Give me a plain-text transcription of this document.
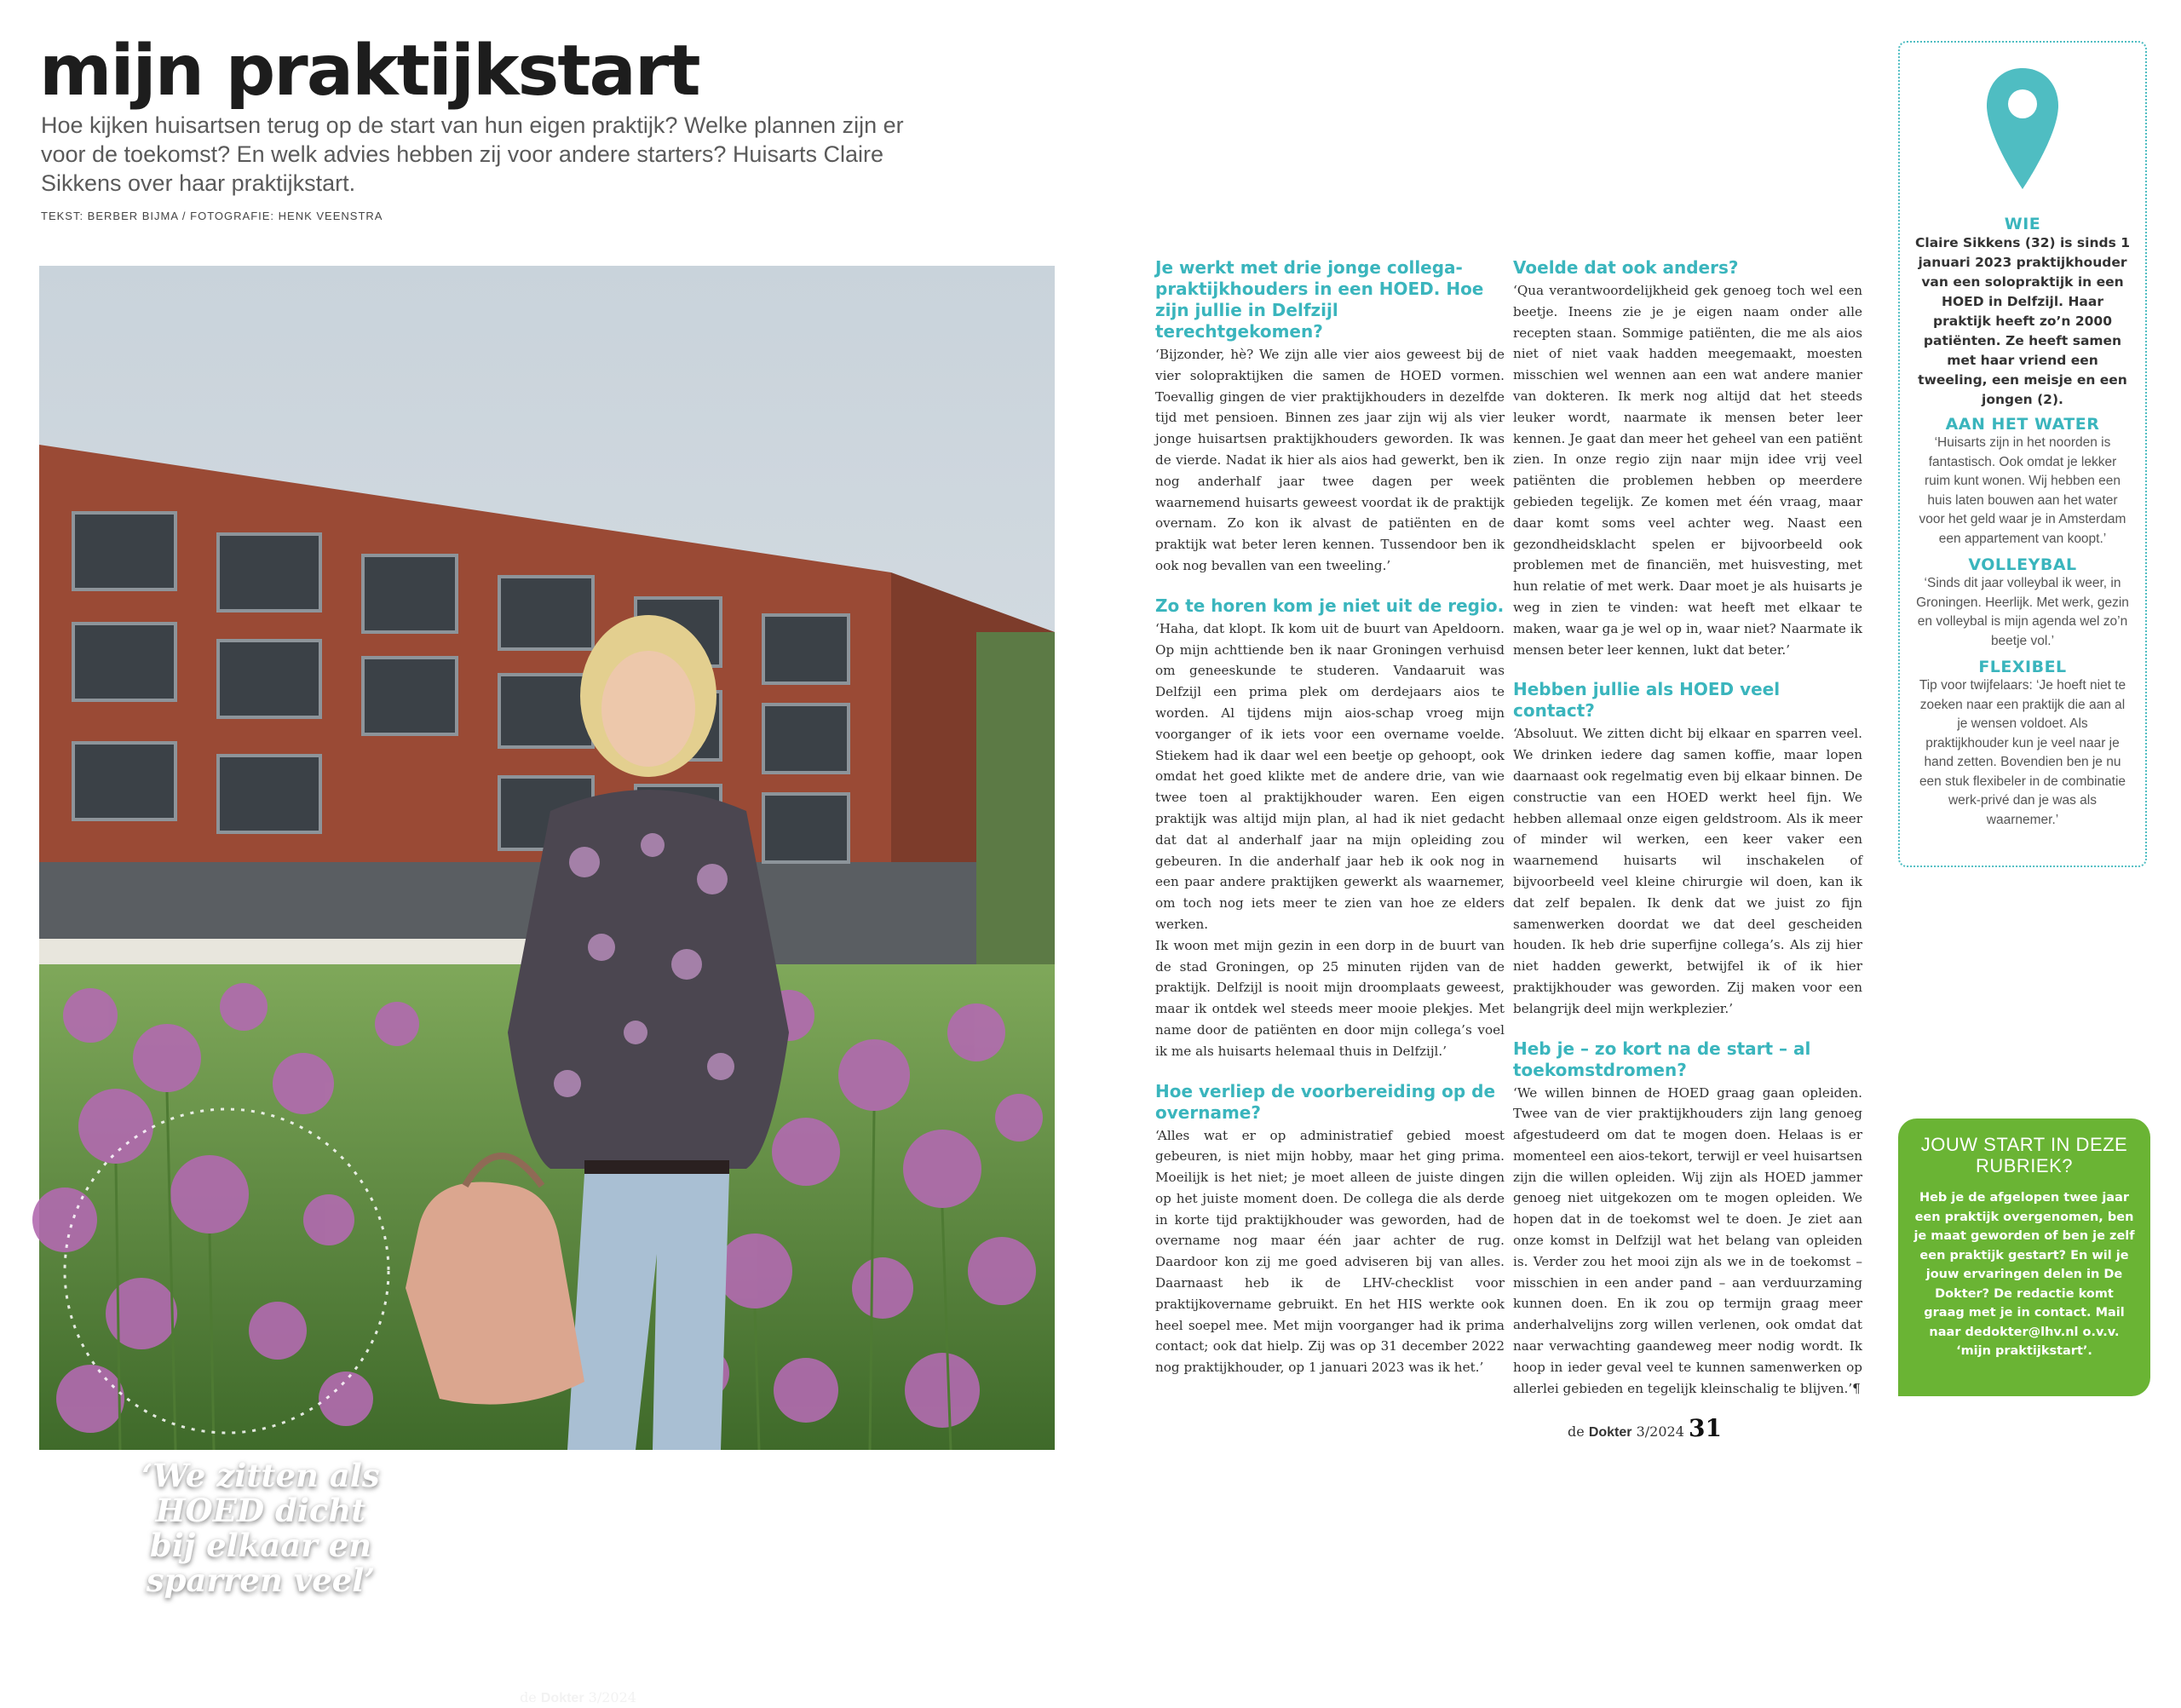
mijn praktijkstart

Hoe kijken huisartsen terug op de start van hun eigen praktijk? Welke plannen zijn er voor de toekomst? En welk advies hebben zij voor andere starters? Huisarts Claire Sikkens over haar praktijkstart.

TEKST: BERBER BIJMA / FOTOGRAFIE: HENK VEENSTRA

‘We zitten als HOED dicht bij elkaar en sparren veel’

30 de Dokter 3/2024

Je werkt met drie jonge collega-praktijkhouders in een HOED. Hoe zijn jullie in Delfzijl terechtgekomen?

‘Bijzonder, hè? We zijn alle vier aios geweest bij de vier solopraktijken die samen de HOED vormen. Toevallig gingen de vier praktijkhouders in dezelfde tijd met pensioen. Binnen zes jaar zijn wij als vier jonge huisartsen praktijkhouders geworden. Ik was de vierde. Nadat ik hier als aios had gewerkt, ben ik nog anderhalf jaar twee dagen per week waarnemend huisarts geweest voordat ik de praktijk overnam. Zo kon ik alvast de patiënten en de praktijk wat beter leren kennen. Tussendoor ben ik ook nog bevallen van een tweeling.’

Zo te horen kom je niet uit de regio.

‘Haha, dat klopt. Ik kom uit de buurt van Apeldoorn. Op mijn achttiende ben ik naar Groningen verhuisd om geneeskunde te studeren. Vandaaruit was Delfzijl een prima plek om derdejaars aios te worden. Al tijdens mijn aios-schap vroeg mijn voorganger of ik iets voor een overname voelde. Stiekem had ik daar wel een beetje op gehoopt, ook omdat het goed klikte met de andere drie, van wie twee toen al praktijkhouder waren. Een eigen praktijk was altijd mijn plan, al had ik niet gedacht dat dat al anderhalf jaar na mijn opleiding zou gebeuren. In die anderhalf jaar heb ik ook nog in een paar andere praktijken gewerkt als waarnemer, om toch nog iets meer te zien van hoe ze elders werken.

Ik woon met mijn gezin in een dorp in de buurt van de stad Groningen, op 25 minuten rijden van de praktijk. Delfzijl is nooit mijn droomplaats geweest, maar ik ontdek wel steeds meer mooie plekjes. Met name door de patiënten en door mijn collega’s voel ik me als huisarts helemaal thuis in Delfzijl.’

Hoe verliep de voorbereiding op de overname?

‘Alles wat er op administratief gebied moest gebeuren, is niet mijn hobby, maar het ging prima. Moeilijk is het niet; je moet alleen de juiste dingen op het juiste moment doen. De collega die als derde in korte tijd praktijkhouder was geworden, had de overname nog maar één jaar achter de rug. Daardoor kon zij me goed adviseren bij van alles. Daarnaast heb ik de LHV-checklist voor praktijkovername gebruikt. En het HIS werkte ook heel soepel mee. Met mijn voorganger had ik prima contact; ook dat hielp. Zij was op 31 december 2022 nog praktijkhouder, op 1 januari 2023 was ik het.’

Voelde dat ook anders?

‘Qua verantwoordelijkheid gek genoeg toch wel een beetje. Ineens zie je je eigen naam onder alle recepten staan. Sommige patiënten, die me als aios niet of niet vaak hadden meegemaakt, moesten misschien wel wennen aan een wat andere manier van dokteren. Ik merk nog altijd dat het steeds leuker wordt, naarmate ik mensen beter leer kennen. Je gaat dan meer het geheel van een patiënt zien. In onze regio zijn naar mijn idee vrij veel patiënten die problemen hebben op meerdere gebieden tegelijk. Ze komen met één vraag, maar daar komt soms veel achter weg. Naast een gezondheidsklacht spelen er bijvoorbeeld ook problemen met de financiën, met huisvesting, met hun relatie of met werk. Daar moet je als huisarts je weg in zien te vinden: wat heeft met elkaar te maken, waar ga je wel op in, waar niet? Naarmate ik mensen beter leer kennen, lukt dat beter.’

Hebben jullie als HOED veel contact?

‘Absoluut. We zitten dicht bij elkaar en sparren veel. We drinken iedere dag samen koffie, maar lopen daarnaast ook regelmatig even bij elkaar binnen. De constructie van een HOED werkt heel fijn. We hebben allemaal onze eigen geldstroom. Als ik meer of minder wil werken, een keer vaker een waarnemend huisarts wil inschakelen of bijvoorbeeld veel kleine chirurgie wil doen, kan ik dat zelf bepalen. Ik denk dat we juist zo fijn samenwerken doordat we dat deel gescheiden houden. Ik heb drie superfijne collega’s. Als zij hier niet hadden gewerkt, betwijfel ik of ik hier praktijkhouder was geworden. Zij maken voor een belangrijk deel mijn werkplezier.’

Heb je – zo kort na de start – al toekomstdromen?

‘We willen binnen de HOED graag gaan opleiden. Twee van de vier praktijkhouders zijn lang genoeg afgestudeerd om dat te mogen doen. Helaas is er momenteel een aios-tekort, terwijl er veel huisartsen zijn die willen opleiden. Wij zijn als HOED jammer genoeg niet uitgekozen om te mogen opleiden. We hopen dat in de toekomst wel te doen. Je ziet aan onze komst in Delfzijl wat het belang van opleiden is. Verder zou het mooi zijn als we in de toekomst – misschien in een ander pand – aan verduurzaming kunnen doen. En ik zou op termijn graag meer anderhalvelijns zorg willen verlenen, ook omdat dat naar verwachting gaandeweg meer nodig wordt. Ik hoop in ieder geval veel te kunnen samenwerken op allerlei gebieden en tegelijk kleinschalig te blijven.’¶

de Dokter 3/2024 31

WIE

Claire Sikkens (32) is sinds 1 januari 2023 praktijkhouder van een solopraktijk in een HOED in Delfzijl. Haar praktijk heeft zo’n 2000 patiënten. Ze heeft samen met haar vriend een tweeling, een meisje en een jongen (2).

AAN HET WATER

‘Huisarts zijn in het noorden is fantastisch. Ook omdat je lekker ruim kunt wonen. Wij hebben een huis laten bouwen aan het water voor het geld waar je in Amsterdam een appartement van koopt.’

VOLLEYBAL

‘Sinds dit jaar volleybal ik weer, in Groningen. Heerlijk. Met werk, gezin en volleybal is mijn agenda wel zo’n beetje vol.’

FLEXIBEL

Tip voor twijfelaars: ‘Je hoeft niet te zoeken naar een praktijk die aan al je wensen voldoet. Als praktijkhouder kun je veel naar je hand zetten. Bovendien ben je nu een stuk flexibeler in de combinatie werk-privé dan je was als waarnemer.’

JOUW START IN DEZE RUBRIEK?

Heb je de afgelopen twee jaar een praktijk overgenomen, ben je maat geworden of ben je zelf een praktijk gestart? En wil je jouw ervaringen delen in De Dokter? De redactie komt graag met je in contact. Mail naar dedokter@lhv.nl o.v.v. ‘mijn praktijkstart’.
